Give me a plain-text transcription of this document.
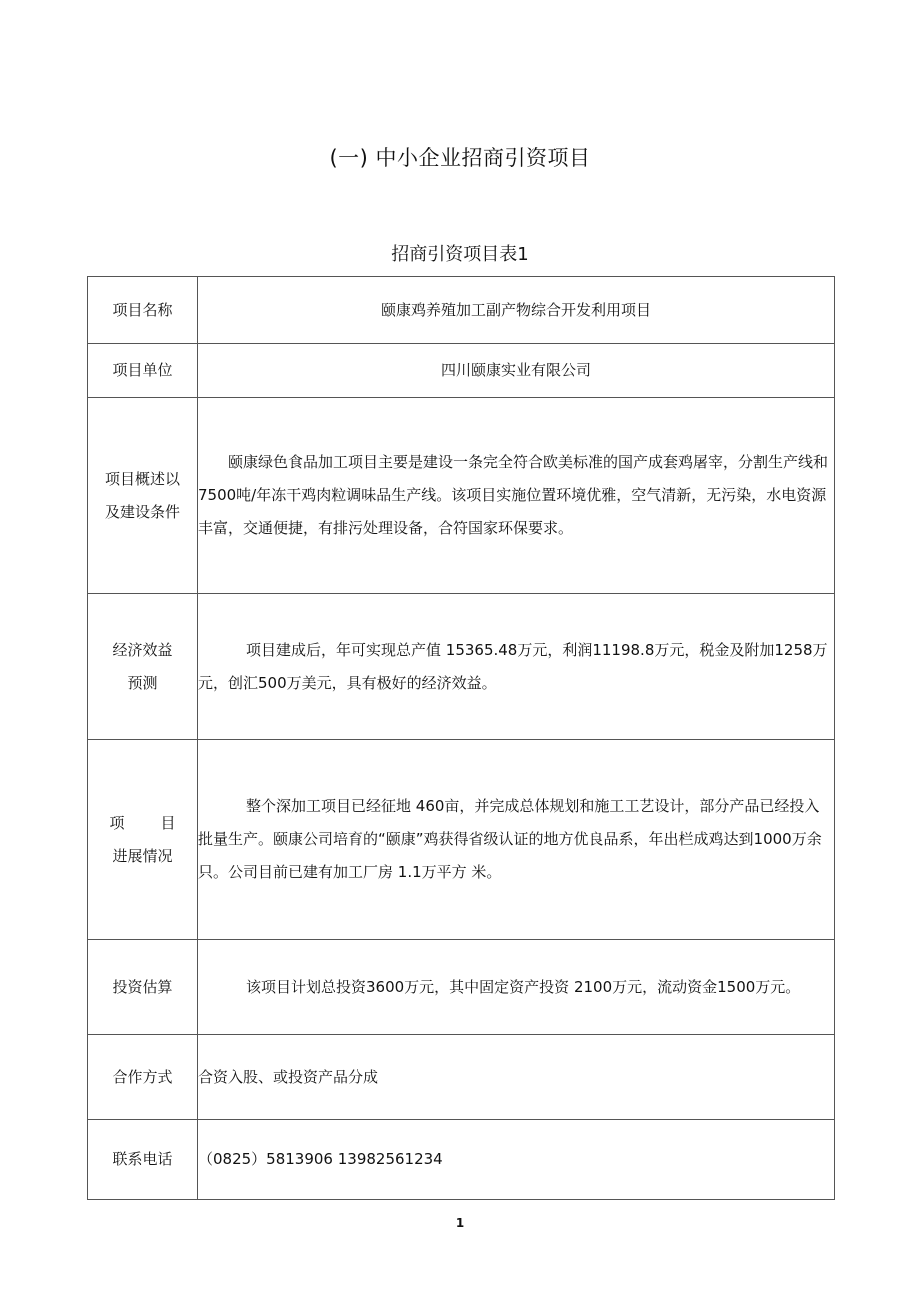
(一) 中小企业招商引资项目
招商引资项目表1
项目名称	颐康鸡养殖加工副产物综合开发利用项目
项目单位	四川颐康实业有限公司
项目概述以
及建设条件	颐康绿色食品加工项目主要是建设一条完全符合欧美标准的国产成套鸡屠宰，分割生产线和7500吨/年冻干鸡肉粒调味品生产线。该项目实施位置环境优雅，空气清新，无污染，水电资源丰富，交通便捷，有排污处理设备，合符国家环保要求。

经济效益
预测	项目建成后，年可实现总产值 15365.48万元，利润11198.8万元，税金及附加1258万元，创汇500万美元，具有极好的经济效益。

项 目
进展情况	整个深加工项目已经征地 460亩，并完成总体规划和施工工艺设计，部分产品已经投入批量生产。颐康公司培育的“颐康”鸡获得省级认证的地方优良品系，年出栏成鸡达到1000万余只。公司目前已建有加工厂房 1.1万平方 米。

投资估算	该项目计划总投资3600万元，其中固定资产投资 2100万元，流动资金1500万元。

合作方式	合资入股、或投资产品分成
联系电话	（0825）5813906 13982561234
1
